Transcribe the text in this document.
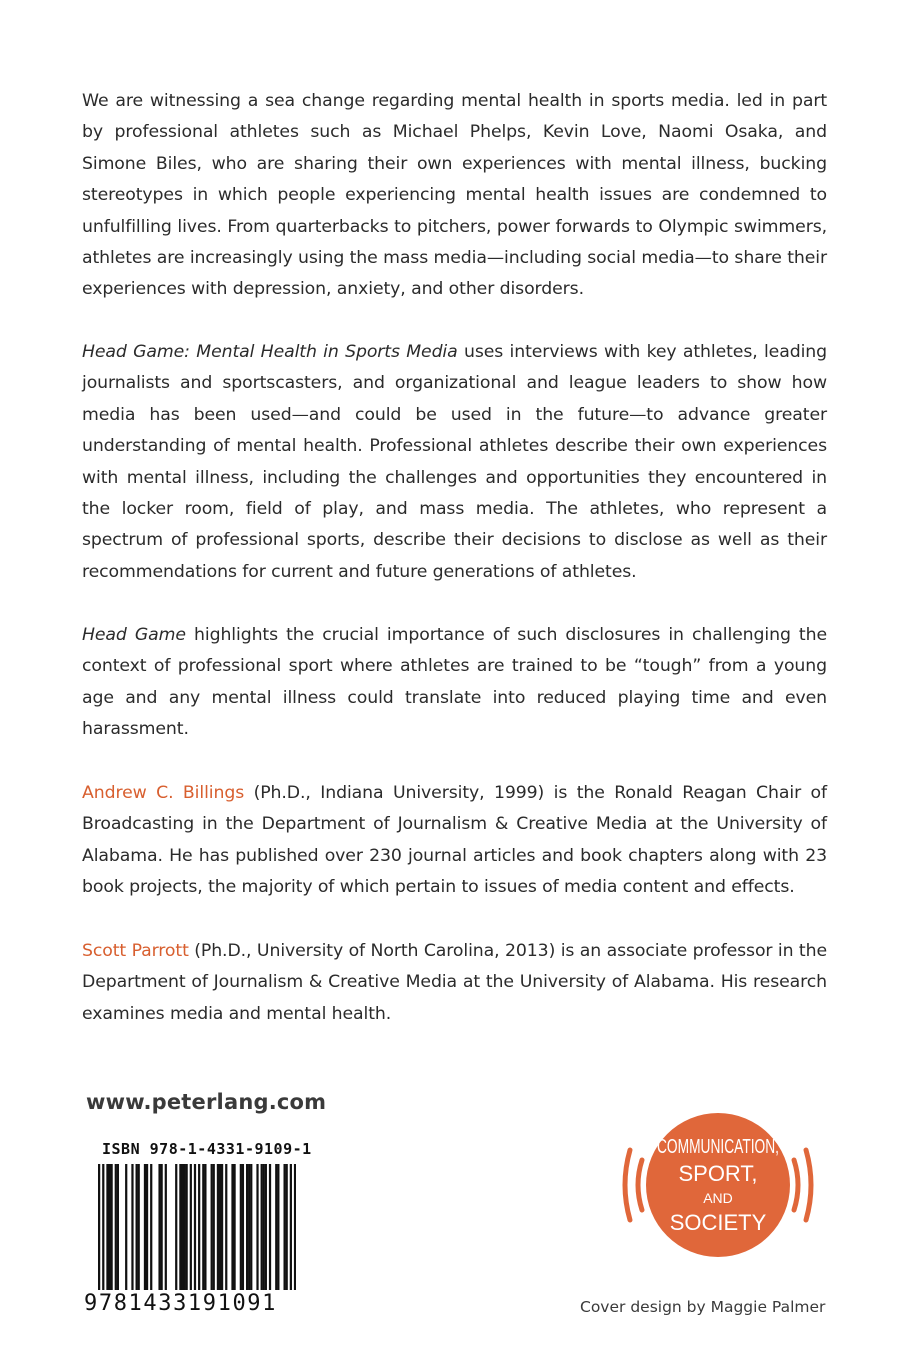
We are witnessing a sea change regarding mental health in sports media. led in part by professional athletes such as Michael Phelps, Kevin Love, Naomi Osaka, and Simone Biles, who are sharing their own experiences with mental illness, bucking stereotypes in which people experiencing mental health issues are condemned to unfulfilling lives. From quarterbacks to pitchers, power forwards to Olympic swimmers, athletes are increasingly using the mass media—including social media—to share their experiences with depression, anxiety, and other disorders.

Head Game: Mental Health in Sports Media uses interviews with key athletes, leading journalists and sportscasters, and organizational and league leaders to show how media has been used—and could be used in the future—to advance greater understanding of mental health. Professional athletes describe their own experiences with mental illness, including the challenges and opportunities they encountered in the locker room, field of play, and mass media. The athletes, who represent a spectrum of professional sports, describe their decisions to disclose as well as their recommendations for current and future generations of athletes.

Head Game highlights the crucial importance of such disclosures in challenging the context of professional sport where athletes are trained to be “tough” from a young age and any mental illness could translate into reduced playing time and even harassment.

Andrew C. Billings (Ph.D., Indiana University, 1999) is the Ronald Reagan Chair of Broadcasting in the Department of Journalism & Creative Media at the University of Alabama. He has published over 230 journal articles and book chapters along with 23 book projects, the majority of which pertain to issues of media content and effects.

Scott Parrott (Ph.D., University of North Carolina, 2013) is an associate professor in the Department of Journalism & Creative Media at the University of Alabama. His research examines media and mental health.

www.peterlang.com
ISBN 978-1-4331-9109-1
9781433191091
COMMUNICATION,
SPORT,
AND
SOCIETY
Cover design by Maggie Palmer
